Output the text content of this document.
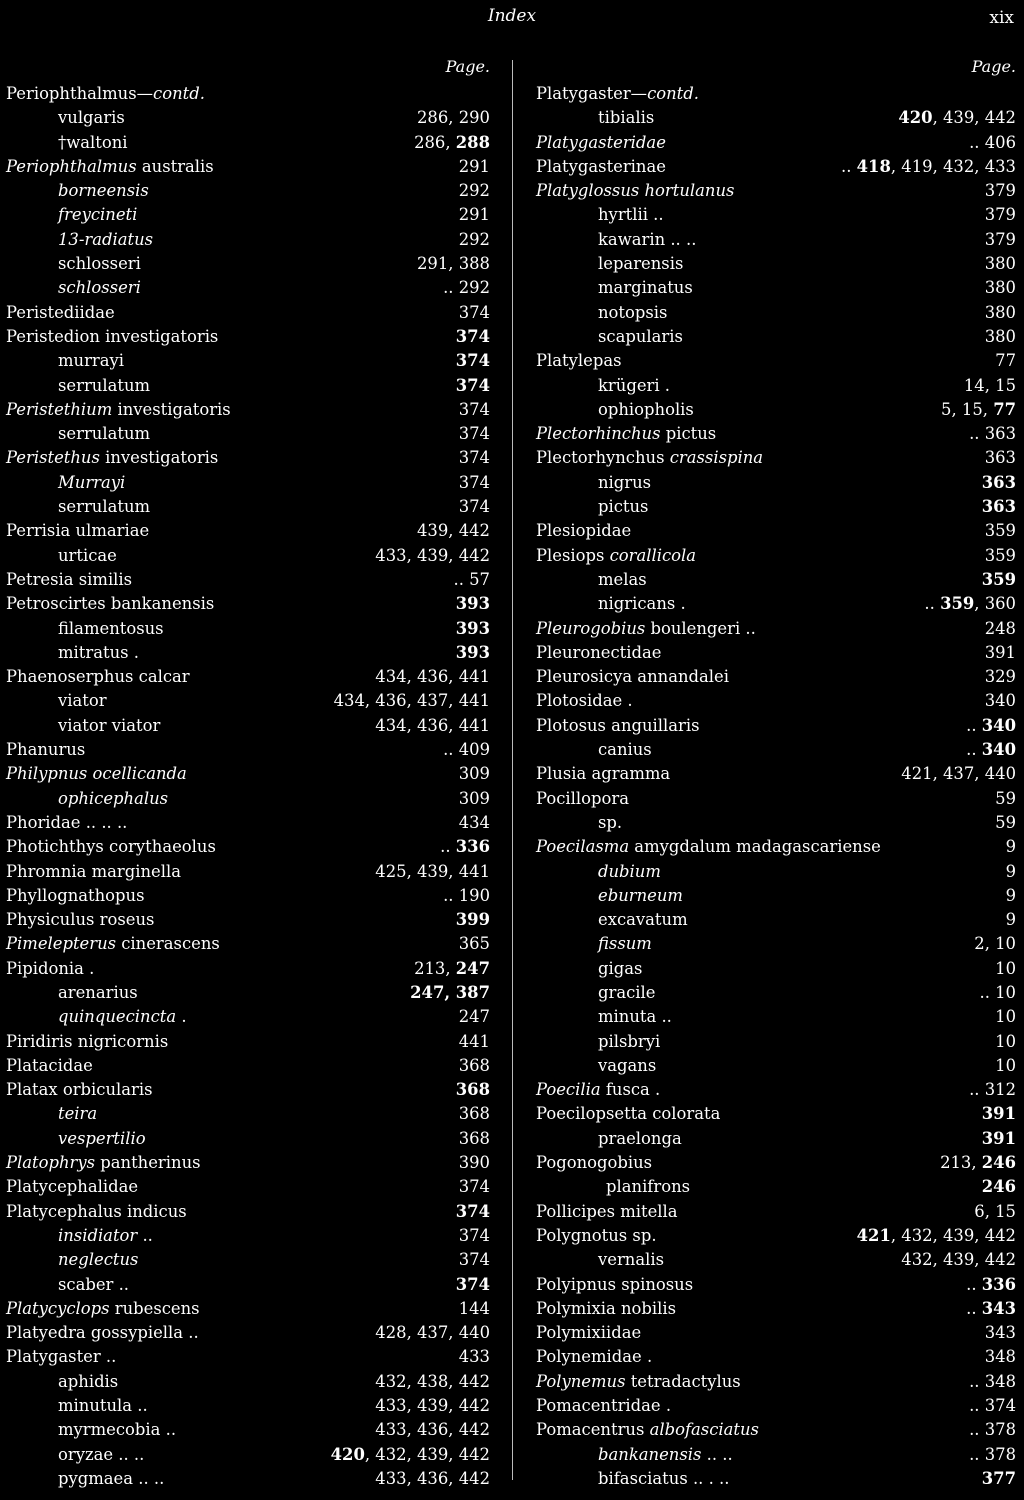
Index	xix
Page.
Periophthalmus—contd.
vulgaris	286, 290
†waltoni	286, 288
Periophthalmus australis	291
borneensis	292
freycineti	291
13-radiatus	292
schlosseri	291, 388
schlosseri	.. 292
Peristediidae	374
Peristedion investigatoris	374
murrayi	374
serrulatum	374
Peristethium investigatoris	374
serrulatum	374
Peristethus investigatoris	374
Murrayi	374
serrulatum	374
Perrisia ulmariae	439, 442
urticae	433, 439, 442
Petresia similis	.. 57
Petroscirtes bankanensis	393
filamentosus	393
mitratus .	393
Phaenoserphus calcar	434, 436, 441
viator	434, 436, 437, 441
viator viator	434, 436, 441
Phanurus	.. 409
Philypnus ocellicanda	309
ophicephalus	309
Phoridae .. .. ..	434
Photichthys corythaeolus	.. 336
Phromnia marginella	425, 439, 441
Phyllognathopus	.. 190
Physiculus roseus	399
Pimelepterus cinerascens	365
Pipidonia .	213, 247
arenarius	247, 387
quinquecincta .	247
Piridiris nigricornis	441
Platacidae	368
Platax orbicularis	368
teira	368
vespertilio	368
Platophrys pantherinus	390
Platycephalidae	374
Platycephalus indicus	374
insidiator ..	374
neglectus	374
scaber ..	374
Platycyclops rubescens	144
Platyedra gossypiella ..	428, 437, 440
Platygaster ..	433
aphidis	432, 438, 442
minutula ..	433, 439, 442
myrmecobia ..	433, 436, 442
oryzae .. ..	420, 432, 439, 442
pygmaea .. ..	433, 436, 442
Page.
Platygaster—contd.
tibialis	420, 439, 442
Platygasteridae	.. 406
Platygasterinae	.. 418, 419, 432, 433
Platyglossus hortulanus	379
hyrtlii ..	379
kawarin .. ..	379
leparensis	380
marginatus	380
notopsis	380
scapularis	380
Platylepas	77
krügeri .	14, 15
ophiopholis	5, 15, 77
Plectorhinchus pictus	.. 363
Plectorhynchus crassispina	363
nigrus	363
pictus	363
Plesiopidae	359
Plesiops corallicola	359
melas	359
nigricans .	.. 359, 360
Pleurogobius boulengeri ..	248
Pleuronectidae	391
Pleurosicya annandalei	329
Plotosidae .	340
Plotosus anguillaris	.. 340
canius	.. 340
Plusia agramma	421, 437, 440
Pocillopora	59
sp.	59
Poecilasma amygdalum madagascariense	9
dubium	9
eburneum	9
excavatum	9
fissum	2, 10
gigas	10
gracile	.. 10
minuta ..	10
pilsbryi	10
vagans	10
Poecilia fusca .	.. 312
Poecilopsetta colorata	391
praelonga	391
Pogonogobius	213, 246
planifrons	246
Pollicipes mitella	6, 15
Polygnotus sp.	421, 432, 439, 442
vernalis	432, 439, 442
Polyipnus spinosus	.. 336
Polymixia nobilis	.. 343
Polymixiidae	343
Polynemidae .	348
Polynemus tetradactylus	.. 348
Pomacentridae .	.. 374
Pomacentrus albofasciatus	.. 378
bankanensis .. ..	.. 378
bifasciatus .. . ..	377
